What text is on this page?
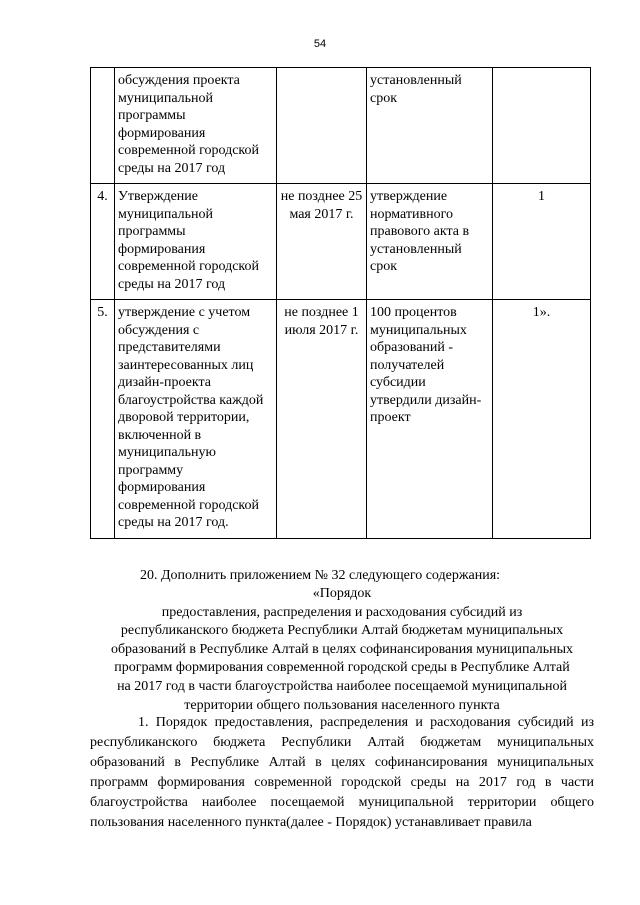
54
	обсуждения проекта муниципальной программы формирования современной городской среды на 2017 год		установленный срок	
4.	Утверждение муниципальной программы формирования современной городской среды на 2017 год	не позднее 25 мая 2017 г.	утверждение нормативного правового акта в установленный срок	1
5.	утверждение с учетом обсуждения с представителями заинтересованных лиц дизайн-проекта благоустройства каждой дворовой территории, включенной в муниципальную программу формирования современной городской среды на 2017 год.	не позднее 1 июля 2017 г.	100 процентов муниципальных образований - получателей субсидии утвердили дизайн-проект	1».
20. Дополнить приложением № 32 следующего содержания:
«Порядок
предоставления, распределения и расходования субсидий из
республиканского бюджета Республики Алтай бюджетам муниципальных
образований в Республике Алтай в целях софинансирования муниципальных
программ формирования современной городской среды в Республике Алтай
на 2017 год в части благоустройства наиболее посещаемой муниципальной
территории общего пользования населенного пункта
1. Порядок предоставления, распределения и расходования субсидий из республиканского бюджета Республики Алтай бюджетам муниципальных образований в Республике Алтай в целях софинансирования муниципальных программ формирования современной городской среды на 2017 год в части благоустройства наиболее посещаемой муниципальной территории общего пользования населенного пункта(далее - Порядок) устанавливает правила
